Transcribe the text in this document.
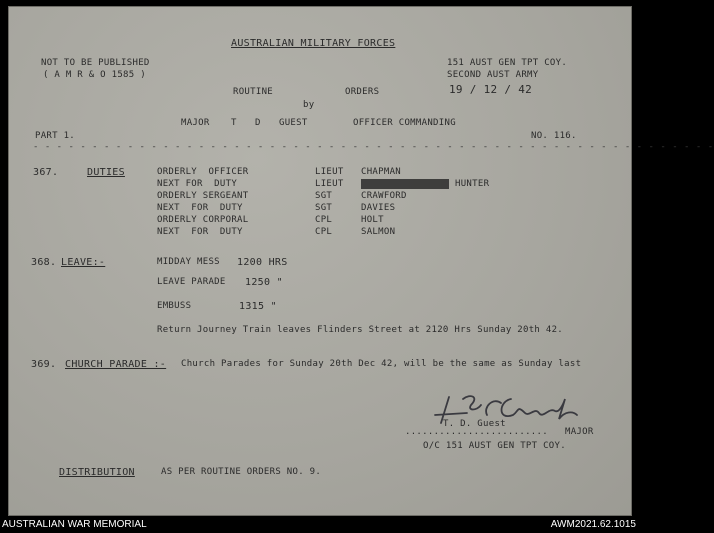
AUSTRALIAN MILITARY FORCES
NOT TO BE PUBLISHED
( A M R & O 1585 )
151 AUST GEN TPT COY.
SECOND AUST ARMY
19 / 12 / 42
ROUTINE	ORDERS
by
MAJOR T D GUEST	OFFICER COMMANDING
PART 1.	NO. 116.
- - - - - - - - - - - - - - - - - - - - - - - - - - - - - - - - - - - - - - - - - - - - - - - - - - - - - - - - - -
367.	DUTIES	ORDERLY  OFFICER	LIEUT CHAPMAN
NEXT FOR  DUTY	LIEUT	HUNTER
ORDERLY SERGEANT	SGT	CRAWFORD
NEXT  FOR  DUTY	SGT	DAVIES
ORDERLY CORPORAL	CPL	HOLT
NEXT  FOR  DUTY	CPL	SALMON
368. LEAVE:-	MIDDAY MESS 1200 HRS
LEAVE PARADE 1250 "
EMBUSS	1315 "
Return Journey Train leaves Flinders Street at 2120 Hrs Sunday 20th 42.
369. CHURCH PARADE :- Church Parades for Sunday 20th Dec 42, will be the same as Sunday last
.........................
T. D. Guest
MAJOR
O/C 151 AUST GEN TPT COY.
DISTRIBUTION	AS PER ROUTINE ORDERS NO. 9.
AUSTRALIAN WAR MEMORIAL	AWM2021.62.1015
